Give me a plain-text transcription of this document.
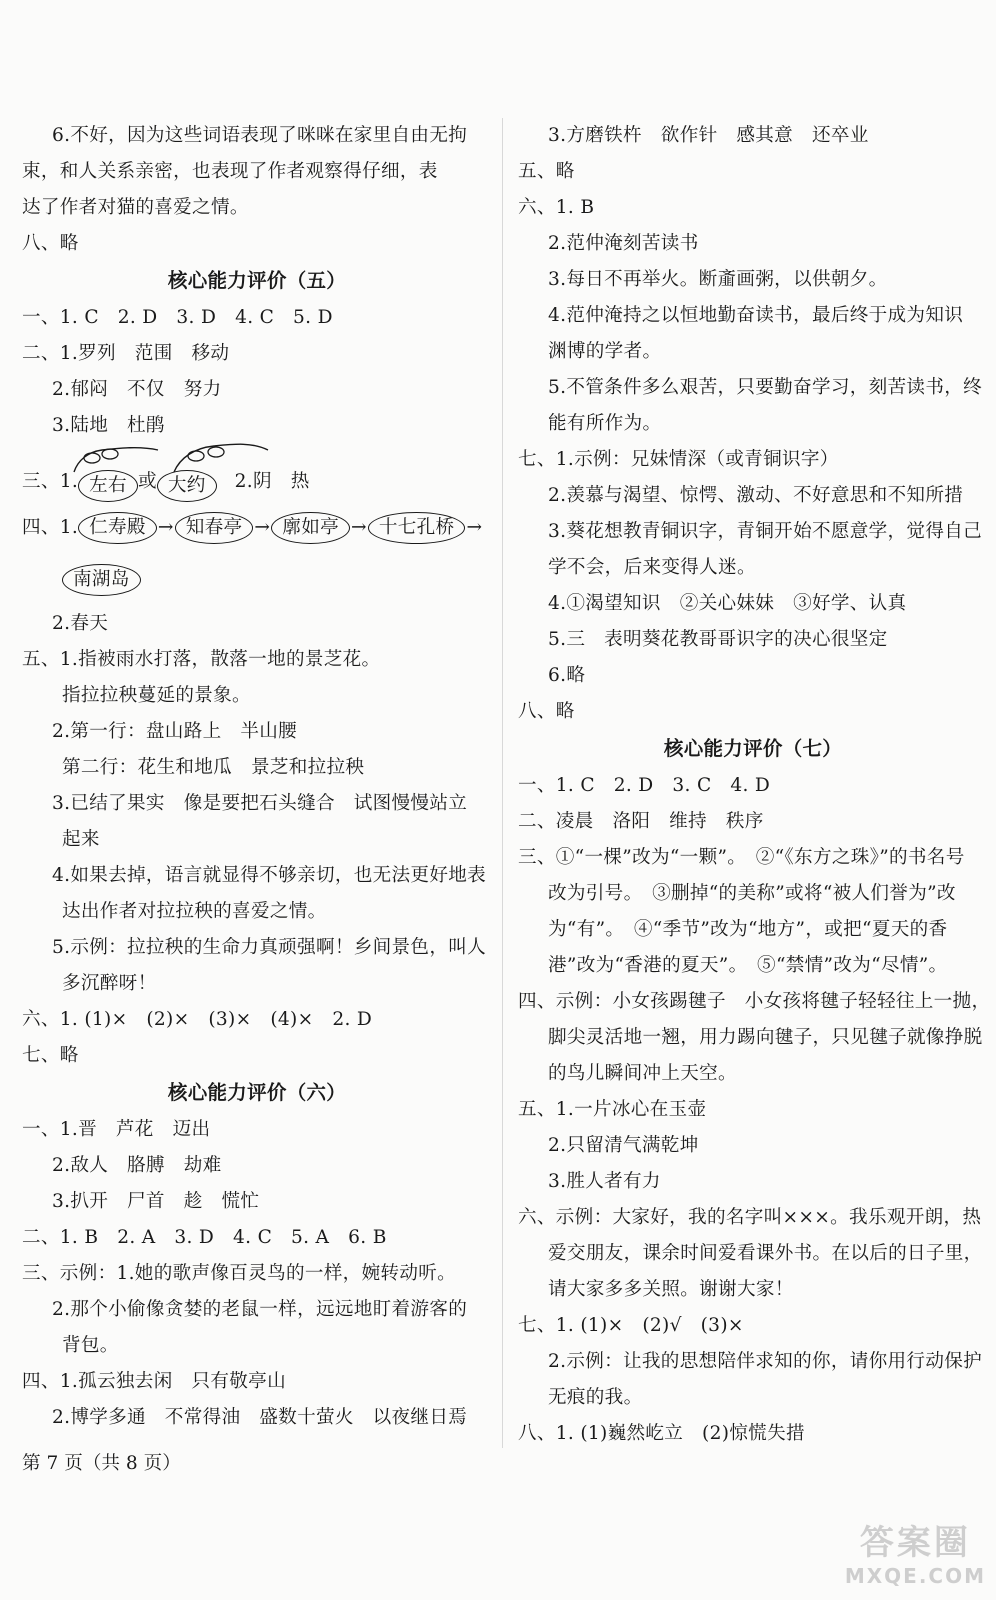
6.不好，因为这些词语表现了咪咪在家里自由无拘
束，和人关系亲密，也表现了作者观察得仔细，表
达了作者对猫的喜爱之情。
八、略
核心能力评价（五）
一、1. C　2. D　3. D　4. C　5. D
二、1.罗列　范围　移动
2.郁闷　不仅　努力
3.陆地　杜鹃
三、1. 左右 或 大约	2.阴　热
四、1. 仁寿殿 → 知春亭 → 廓如亭 → 十七孔桥 →
南湖岛
2.春天
五、1.指被雨水打落，散落一地的景芝花。
指拉拉秧蔓延的景象。
2.第一行：盘山路上　半山腰
第二行：花生和地瓜　景芝和拉拉秧
3.已结了果实　像是要把石头缝合　试图慢慢站立
起来
4.如果去掉，语言就显得不够亲切，也无法更好地表
达出作者对拉拉秧的喜爱之情。
5.示例：拉拉秧的生命力真顽强啊！乡间景色，叫人
多沉醉呀！
六、1. (1)×　(2)×　(3)×　(4)×　2. D
七、略
核心能力评价（六）
一、1.晋　芦花　迈出
2.敌人　胳膊　劫难
3.扒开　尸首　趁　慌忙
二、1. B　2. A　3. D　4. C　5. A　6. B
三、示例：1.她的歌声像百灵鸟的一样，婉转动听。
2.那个小偷像贪婪的老鼠一样，远远地盯着游客的
背包。
四、1.孤云独去闲　只有敬亭山
2.博学多通　不常得油　盛数十萤火　以夜继日焉
3.方磨铁杵　欲作针　感其意　还卒业
五、略
六、1. B
2.范仲淹刻苦读书
3.每日不再举火。断齑画粥，以供朝夕。
4.范仲淹持之以恒地勤奋读书，最后终于成为知识
渊博的学者。
5.不管条件多么艰苦，只要勤奋学习，刻苦读书，终
能有所作为。
七、1.示例：兄妹情深（或青铜识字）
2.羡慕与渴望、惊愕、激动、不好意思和不知所措
3.葵花想教青铜识字，青铜开始不愿意学，觉得自己
学不会，后来变得人迷。
4.①渴望知识　②关心妹妹　③好学、认真
5.三　表明葵花教哥哥识字的决心很坚定
6.略
八、略
核心能力评价（七）
一、1. C　2. D　3. C　4. D
二、凌晨　洛阳　维持　秩序
三、①“一棵”改为“一颗”。　②“《东方之珠》”的书名号
改为引号。　③删掉“的美称”或将“被人们誉为”改
为“有”。　④“季节”改为“地方”，或把“夏天的香
港”改为“香港的夏天”。　⑤“禁情”改为“尽情”。
四、示例：小女孩踢毽子　小女孩将毽子轻轻往上一抛，
脚尖灵活地一翘，用力踢向毽子，只见毽子就像挣脱
的鸟儿瞬间冲上天空。
五、1.一片冰心在玉壶
2.只留清气满乾坤
3.胜人者有力
六、示例：大家好，我的名字叫×××。我乐观开朗，热
爱交朋友，课余时间爱看课外书。在以后的日子里，
请大家多多关照。谢谢大家！
七、1. (1)×　(2)√　(3)×
2.示例：让我的思想陪伴求知的你，请你用行动保护
无痕的我。
八、1. (1)巍然屹立　(2)惊慌失措
第 7 页（共 8 页）
答案圈
MXQE.COM
